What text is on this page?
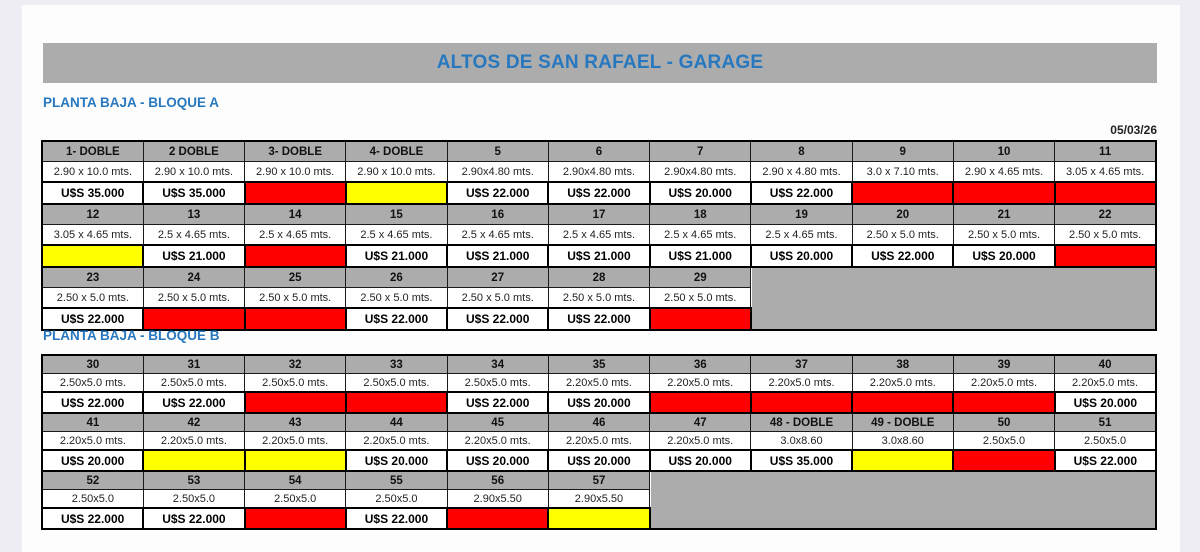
ALTOS DE SAN RAFAEL - GARAGE
PLANTA BAJA - BLOQUE A
05/03/26
1- DOBLE	2 DOBLE	3- DOBLE	4- DOBLE	5	6	7	8	9	10	11
2.90 x 10.0 mts.	2.90 x 10.0 mts.	2.90 x 10.0 mts.	2.90 x 10.0 mts.	2.90x4.80 mts.	2.90x4.80 mts.	2.90x4.80 mts.	2.90 x 4.80 mts.	3.0 x 7.10 mts.	2.90 x 4.65 mts.	3.05 x 4.65 mts.
U$S 35.000	U$S 35.000			U$S 22.000	U$S 22.000	U$S 20.000	U$S 22.000			
12	13	14	15	16	17	18	19	20	21	22
3.05 x 4.65 mts.	2.5 x 4.65 mts.	2.5 x 4.65 mts.	2.5 x 4.65 mts.	2.5 x 4.65 mts.	2.5 x 4.65 mts.	2.5 x 4.65 mts.	2.5 x 4.65 mts.	2.50 x 5.0 mts.	2.50 x 5.0 mts.	2.50 x 5.0 mts.
	U$S 21.000		U$S 21.000	U$S 21.000	U$S 21.000	U$S 21.000	U$S 20.000	U$S 22.000	U$S 20.000	
23	24	25	26	27	28	29				
2.50 x 5.0 mts.	2.50 x 5.0 mts.	2.50 x 5.0 mts.	2.50 x 5.0 mts.	2.50 x 5.0 mts.	2.50 x 5.0 mts.	2.50 x 5.0 mts.				
U$S 22.000			U$S 22.000	U$S 22.000	U$S 22.000					
PLANTA BAJA - BLOQUE B
30	31	32	33	34	35	36	37	38	39	40
2.50x5.0 mts.	2.50x5.0 mts.	2.50x5.0 mts.	2.50x5.0 mts.	2.50x5.0 mts.	2.20x5.0 mts.	2.20x5.0 mts.	2.20x5.0 mts.	2.20x5.0 mts.	2.20x5.0 mts.	2.20x5.0 mts.
U$S 22.000	U$S 22.000			U$S 22.000	U$S 20.000					U$S 20.000
41	42	43	44	45	46	47	48 - DOBLE	49 - DOBLE	50	51
2.20x5.0 mts.	2.20x5.0 mts.	2.20x5.0 mts.	2.20x5.0 mts.	2.20x5.0 mts.	2.20x5.0 mts.	2.20x5.0 mts.	3.0x8.60	3.0x8.60	2.50x5.0	2.50x5.0
U$S 20.000			U$S 20.000	U$S 20.000	U$S 20.000	U$S 20.000	U$S 35.000			U$S 22.000
52	53	54	55	56	57					
2.50x5.0	2.50x5.0	2.50x5.0	2.50x5.0	2.90x5.50	2.90x5.50					
U$S 22.000	U$S 22.000		U$S 22.000							
